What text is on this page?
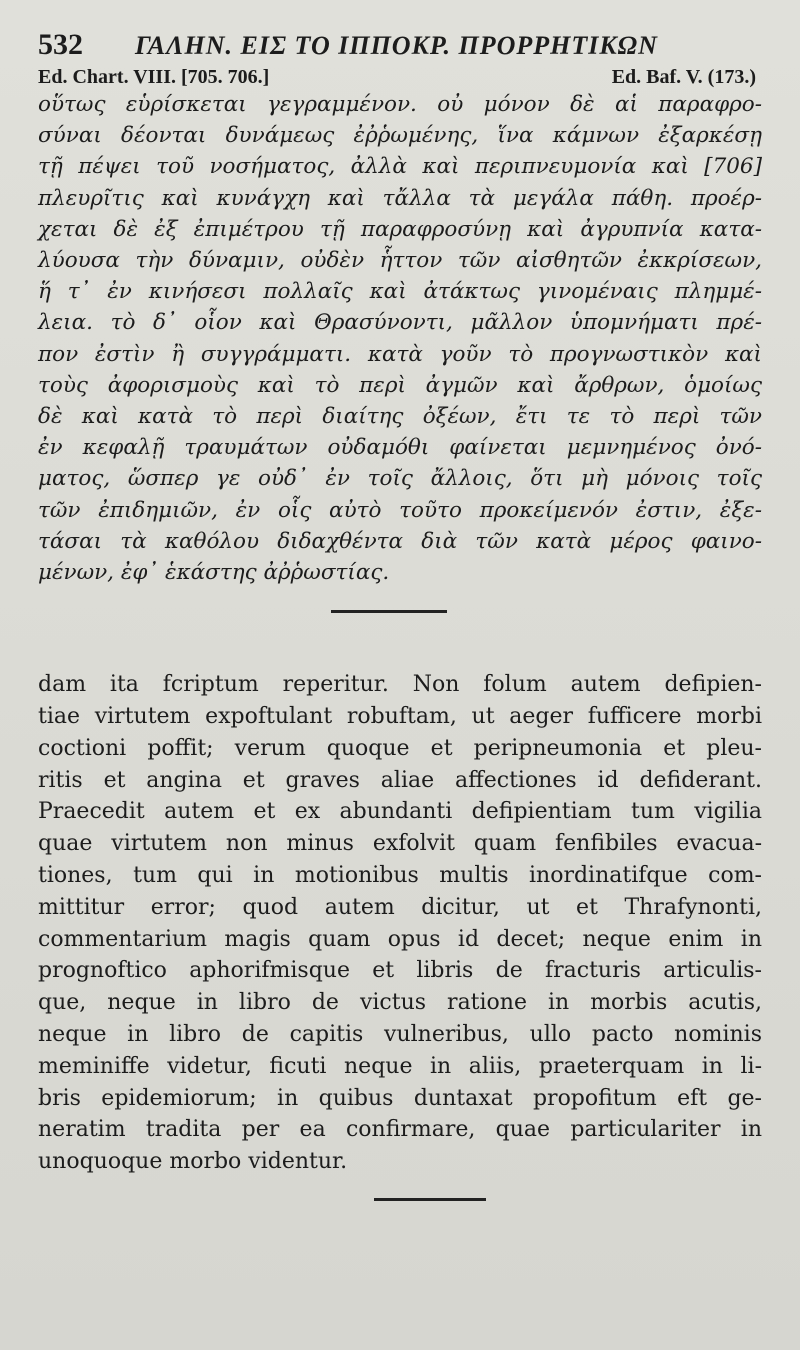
532 ΓΑΛΗΝ. ΕΙΣ ΤΟ ΙΠΠΟΚΡ. ΠΡΟΡΡΗΤΙΚΩΝ
Ed. Chart. VIII. [705. 706.]	Ed. Baf. V. (173.)
οὕτως εὑρίσκεται γεγραμμένον. οὐ μόνον δὲ αἱ παραφρο-
σύναι δέονται δυνάμεως ἐῤῥωμένης, ἵνα κάμνων ἐξαρκέσῃ
τῇ πέψει τοῦ νοσήματος, ἀλλὰ καὶ περιπνευμονία καὶ [706]
πλευρῖτις καὶ κυνάγχη καὶ τἄλλα τὰ μεγάλα πάθη. προέρ-
χεται δὲ ἐξ ἐπιμέτρου τῇ παραφροσύνῃ καὶ ἀγρυπνία κατα-
λύουσα τὴν δύναμιν, οὐδὲν ἧττον τῶν αἰσθητῶν ἐκκρίσεων,
ἥ τ᾽ ἐν κινήσεσι πολλαῖς καὶ ἀτάκτως γινομέναις πλημμέ-
λεια. τὸ δ᾽ οἷον καὶ Θρασύνοντι, μᾶλλον ὑπομνήματι πρέ-
πον ἐστὶν ἢ συγγράμματι. κατὰ γοῦν τὸ προγνωστικὸν καὶ
τοὺς ἀφορισμοὺς καὶ τὸ περὶ ἀγμῶν καὶ ἄρθρων, ὁμοίως
δὲ καὶ κατὰ τὸ περὶ διαίτης ὀξέων, ἔτι τε τὸ περὶ τῶν
ἐν κεφαλῇ τραυμάτων οὐδαμόθι φαίνεται μεμνημένος ὀνό-
ματος, ὥσπερ γε οὐδ᾽ ἐν τοῖς ἄλλοις, ὅτι μὴ μόνοις τοῖς
τῶν ἐπιδημιῶν, ἐν οἷς αὐτὸ τοῦτο προκείμενόν ἐστιν, ἐξε-
τάσαι τὰ καθόλου διδαχθέντα διὰ τῶν κατὰ μέρος φαινο-
μένων, ἐφ᾽ ἑκάστης ἀῤῥωστίας.
dam ita fcriptum reperitur. Non folum autem defipien-
tiae virtutem expoftulant robuftam, ut aeger fufficere morbi
coctioni poffit; verum quoque et peripneumonia et pleu-
ritis et angina et graves aliae affectiones id defiderant.
Praecedit autem et ex abundanti defipientiam tum vigilia
quae virtutem non minus exfolvit quam fenfibiles evacua-
tiones, tum qui in motionibus multis inordinatifque com-
mittitur error; quod autem dicitur, ut et Thrafynonti,
commentarium magis quam opus id decet; neque enim in
prognoftico aphorifmisque et libris de fracturis articulis-
que, neque in libro de victus ratione in morbis acutis,
neque in libro de capitis vulneribus, ullo pacto nominis
meminiffe videtur, ficuti neque in aliis, praeterquam in li-
bris epidemiorum; in quibus duntaxat propofitum eft ge-
neratim tradita per ea confirmare, quae particulariter in
unoquoque morbo videntur.
